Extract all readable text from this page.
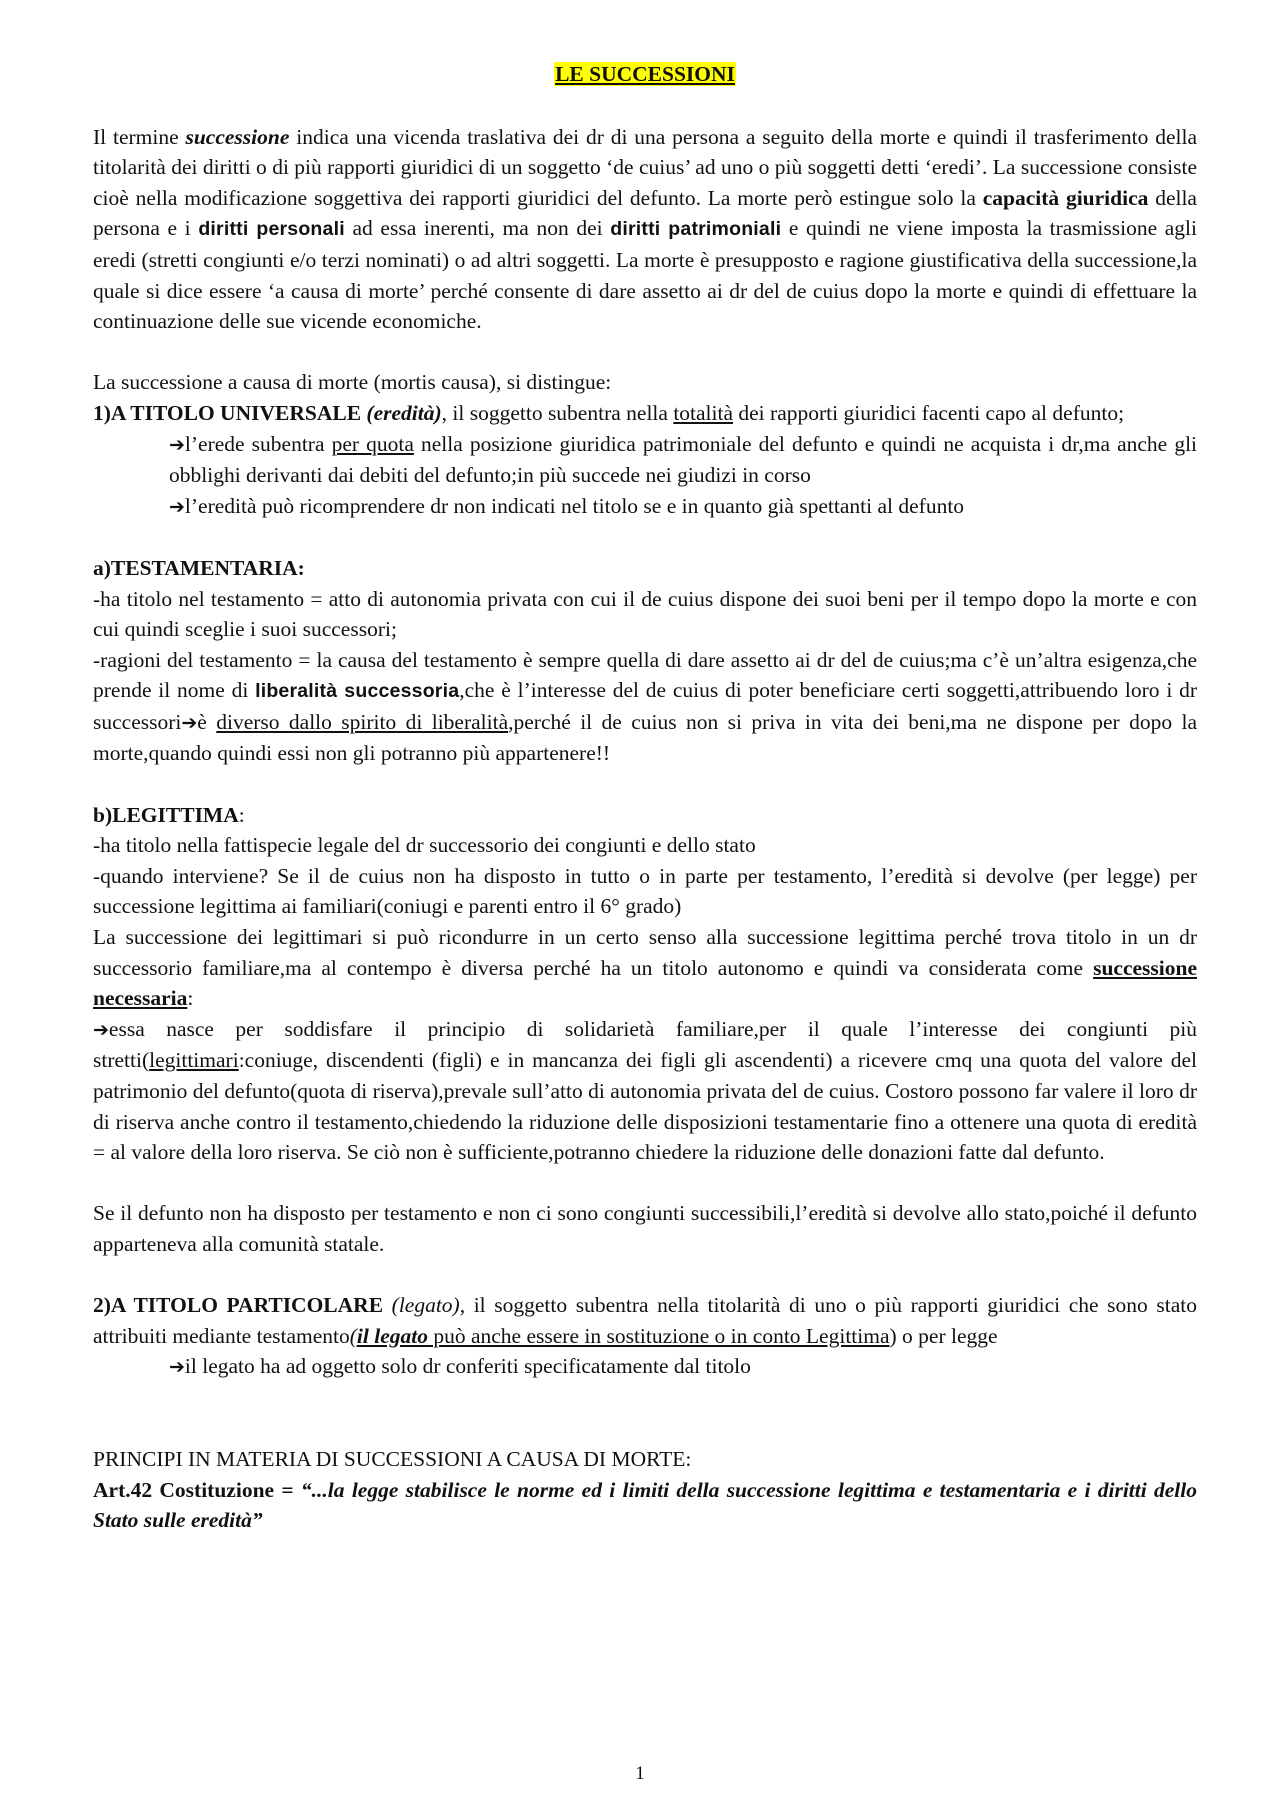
LE SUCCESSIONI

Il termine successione indica una vicenda traslativa dei dr di una persona a seguito della morte e quindi il trasferimento della titolarità dei diritti o di più rapporti giuridici di un soggetto ‘de cuius’ ad uno o più soggetti detti ‘eredi’. La successione consiste cioè nella modificazione soggettiva dei rapporti giuridici del defunto. La morte però estingue solo la capacità giuridica della persona e i diritti personali ad essa inerenti, ma non dei diritti patrimoniali e quindi ne viene imposta la trasmissione agli eredi (stretti congiunti e/o terzi nominati) o ad altri soggetti. La morte è presupposto e ragione giustificativa della successione,la quale si dice essere ‘a causa di morte’ perché consente di dare assetto ai dr del de cuius dopo la morte e quindi di effettuare la continuazione delle sue vicende economiche.

La successione a causa di morte (mortis causa), si distingue:

1)A TITOLO UNIVERSALE (eredità), il soggetto subentra nella totalità dei rapporti giuridici facenti capo al defunto;

➔l’erede subentra per quota nella posizione giuridica patrimoniale del defunto e quindi ne acquista i dr,ma anche gli obblighi derivanti dai debiti del defunto;in più succede nei giudizi in corso

➔l’eredità può ricomprendere dr non indicati nel titolo se e in quanto già spettanti al defunto

a)TESTAMENTARIA:

-ha titolo nel testamento = atto di autonomia privata con cui il de cuius dispone dei suoi beni per il tempo dopo la morte e con cui quindi sceglie i suoi successori;

-ragioni del testamento = la causa del testamento è sempre quella di dare assetto ai dr del de cuius;ma c’è un’altra esigenza,che prende il nome di liberalità successoria,che è l’interesse del de cuius di poter beneficiare certi soggetti,attribuendo loro i dr successori➔è diverso dallo spirito di liberalità,perché il de cuius non si priva in vita dei beni,ma ne dispone per dopo la morte,quando quindi essi non gli potranno più appartenere!!

b)LEGITTIMA:

-ha titolo nella fattispecie legale del dr successorio dei congiunti e dello stato

-quando interviene? Se il de cuius non ha disposto in tutto o in parte per testamento, l’eredità si devolve (per legge) per successione legittima ai familiari(coniugi e parenti entro il 6° grado)

La successione dei legittimari si può ricondurre in un certo senso alla successione legittima perché trova titolo in un dr successorio familiare,ma al contempo è diversa perché ha un titolo autonomo e quindi va considerata come successione necessaria:

➔essa nasce per soddisfare il principio di solidarietà familiare,per il quale l’interesse dei congiunti più stretti(legittimari:coniuge, discendenti (figli) e in mancanza dei figli gli ascendenti) a ricevere cmq una quota del valore del patrimonio del defunto(quota di riserva),prevale sull’atto di autonomia privata del de cuius. Costoro possono far valere il loro dr di riserva anche contro il testamento,chiedendo la riduzione delle disposizioni testamentarie fino a ottenere una quota di eredità = al valore della loro riserva. Se ciò non è sufficiente,potranno chiedere la riduzione delle donazioni fatte dal defunto.

Se il defunto non ha disposto per testamento e non ci sono congiunti successibili,l’eredità si devolve allo stato,poiché il defunto apparteneva alla comunità statale.

2)A TITOLO PARTICOLARE (legato), il soggetto subentra nella titolarità di uno o più rapporti giuridici che sono stato attribuiti mediante testamento(il legato può anche essere in sostituzione o in conto Legittima) o per legge

➔il legato ha ad oggetto solo dr conferiti specificatamente dal titolo

PRINCIPI IN MATERIA DI SUCCESSIONI A CAUSA DI MORTE:

Art.42 Costituzione = “...la legge stabilisce le norme ed i limiti della successione legittima e testamentaria e i diritti dello Stato sulle eredità”

1
